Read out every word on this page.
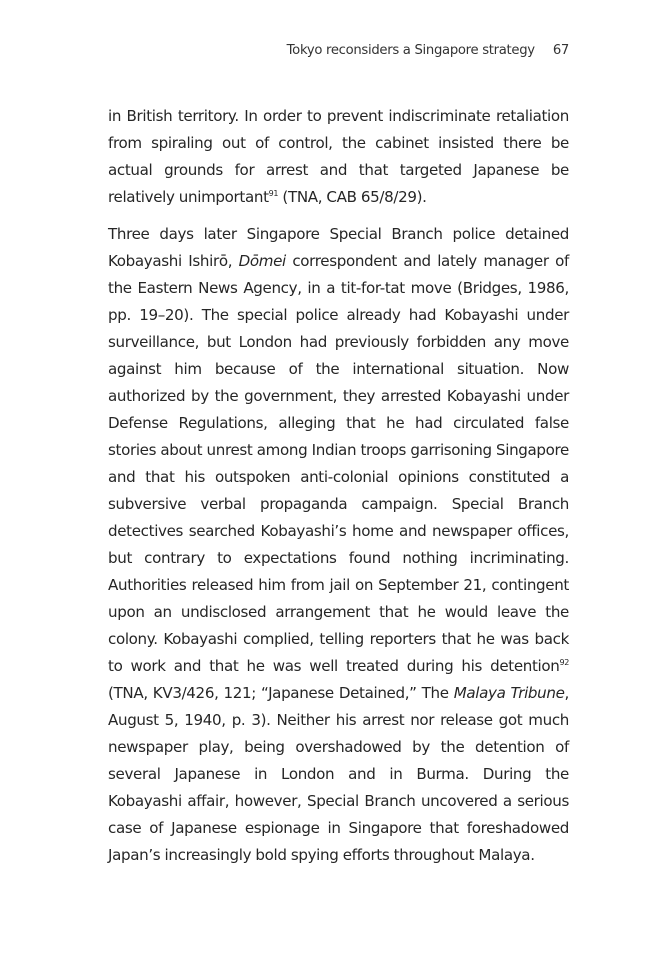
Tokyo reconsiders a Singapore strategy 67

in British territory. In order to prevent indiscriminate retaliation from spiraling out of control, the cabinet insisted there be actual grounds for arrest and that targeted Japanese be relatively unimportant$^{91}$ (TNA, CAB 65/8/29).

Three days later Singapore Special Branch police detained Kobayashi Ishirō, Dōmei correspondent and lately manager of the Eastern News Agency, in a tit-for-tat move (Bridges, 1986, pp. 19–20). The special police already had Kobayashi under surveillance, but London had previously forbidden any move against him because of the international situation. Now authorized by the government, they arrested Kobayashi under Defense Regulations, alleging that he had circulated false stories about unrest among Indian troops garrisoning Singapore and that his outspoken anti-colonial opinions constituted a subversive verbal propaganda campaign. Special Branch detectives searched Kobayashi’s home and newspaper offices, but contrary to expectations found nothing incriminating. Authorities released him from jail on September 21, contingent upon an undisclosed arrangement that he would leave the colony. Kobayashi complied, telling reporters that he was back to work and that he was well treated during his detention$^{92}$ (TNA, KV3/426, 121; “Japanese Detained,” The Malaya Tribune, August 5, 1940, p. 3). Neither his arrest nor release got much newspaper play, being overshadowed by the detention of several Japanese in London and in Burma. During the Kobayashi affair, however, Special Branch uncovered a serious case of Japanese espionage in Singapore that foreshadowed Japan’s increasingly bold spying efforts throughout Malaya.
